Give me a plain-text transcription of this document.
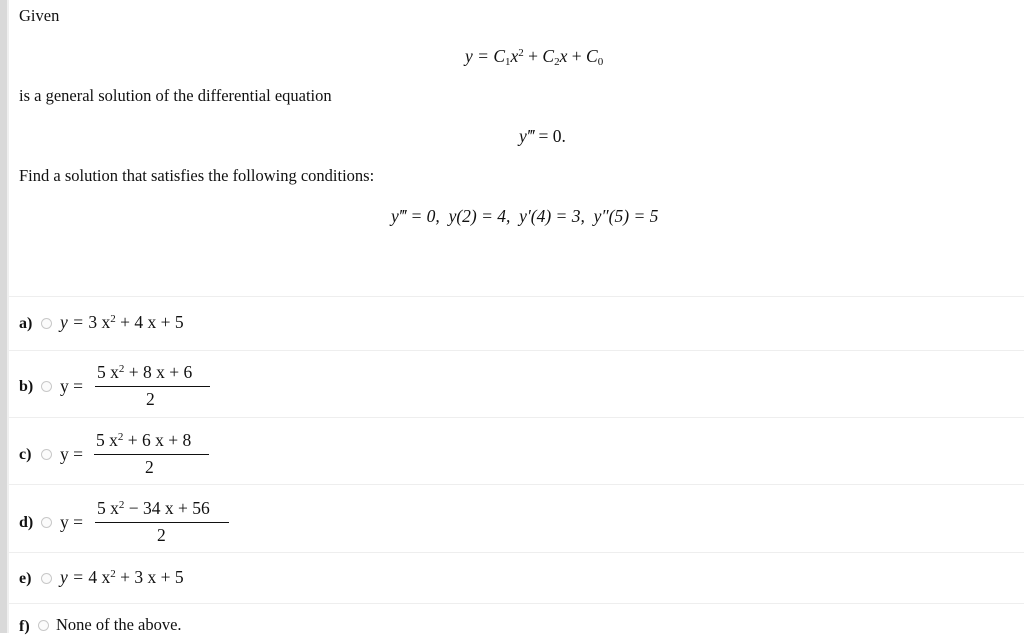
Given
$y = C_1x^2 + C_2x + C_0$
is a general solution of the differential equation
y‴ = 0.
Find a solution that satisfies the following conditions:
y‴ = 0, y(2) = 4, y′(4) = 3, y″(5) = 5
a) y = 3 $x^2 + 4$ x + 5
b) y =
5 $x^2 + 8$ x + 6
2
c) y =
5 $x^2 + 6$ x + 8
2
d) y =
5 $x^2 - 34$ x + 56
2
e) y = 4 $x^2 + 3$ x + 5
f) None of the above.
